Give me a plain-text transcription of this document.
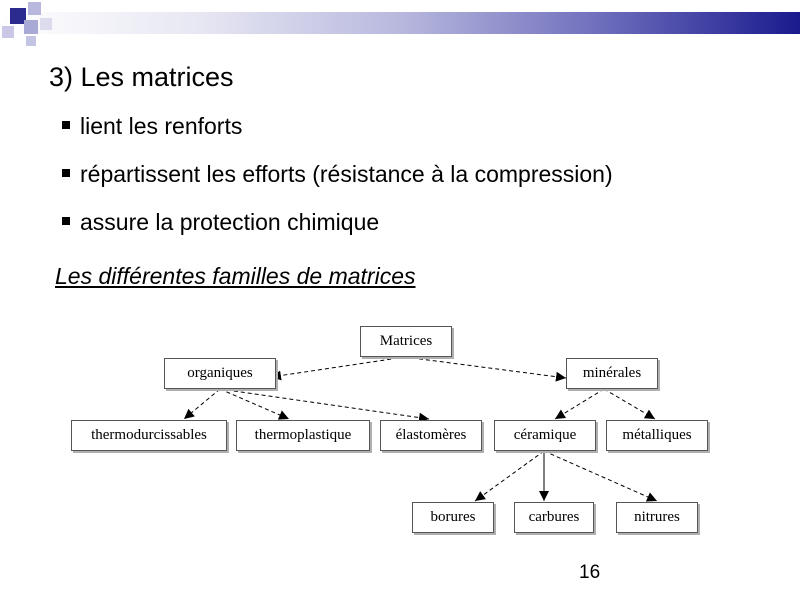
3) Les matrices
lient les renforts
répartissent les efforts (résistance à la compression)
assure la protection chimique
Les différentes familles de matrices
Matrices
organiques	minérales
thermodurcissables	thermoplastique	élastomères	céramique	métalliques
borures	carbures	nitrures
16
